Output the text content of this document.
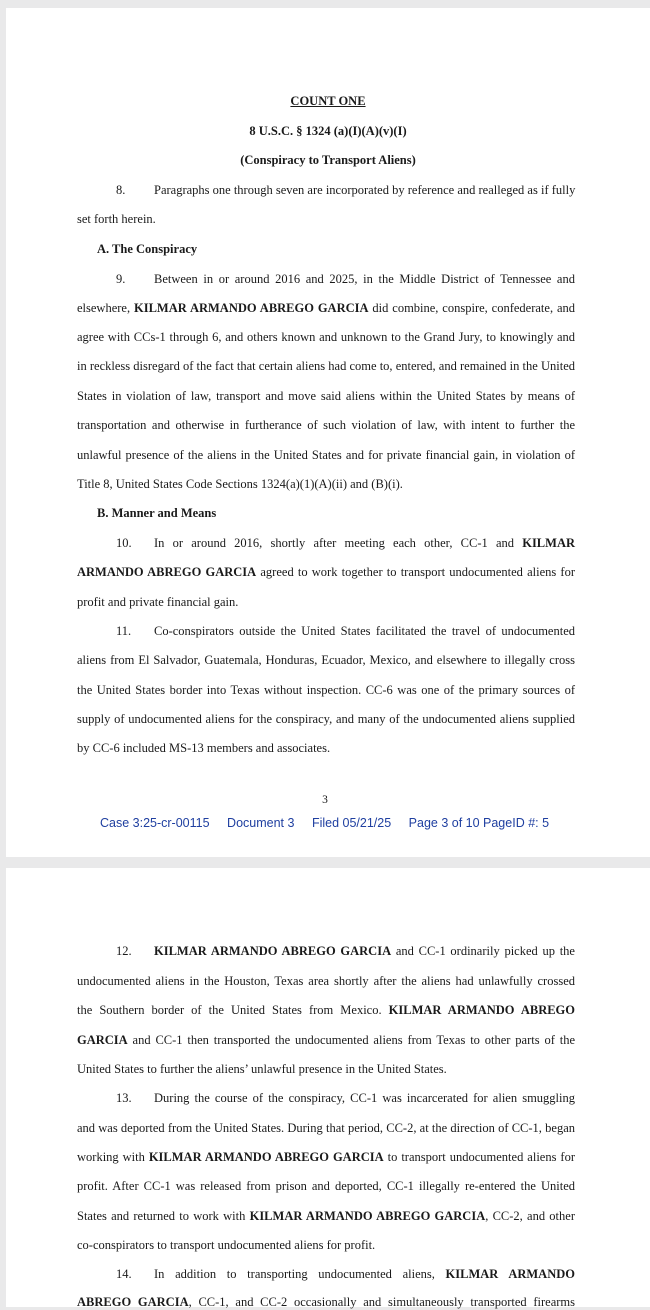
COUNT ONE
8 U.S.C. § 1324 (a)(I)(A)(v)(I)
(Conspiracy to Transport Aliens)
8. Paragraphs one through seven are incorporated by reference and realleged as if fully
set forth herein.
A. The Conspiracy
9. Between in or around 2016 and 2025, in the Middle District of Tennessee and
elsewhere, KILMAR ARMANDO ABREGO GARCIA did combine, conspire, confederate, and
agree with CCs-1 through 6, and others known and unknown to the Grand Jury, to knowingly and
in reckless disregard of the fact that certain aliens had come to, entered, and remained in the United
States in violation of law, transport and move said aliens within the United States by means of
transportation and otherwise in furtherance of such violation of law, with intent to further the
unlawful presence of the aliens in the United States and for private financial gain, in violation of
Title 8, United States Code Sections 1324(a)(1)(A)(ii) and (B)(i).
B. Manner and Means
10. In or around 2016, shortly after meeting each other, CC-1 and KILMAR
ARMANDO ABREGO GARCIA agreed to work together to transport undocumented aliens for
profit and private financial gain.
11. Co-conspirators outside the United States facilitated the travel of undocumented
aliens from El Salvador, Guatemala, Honduras, Ecuador, Mexico, and elsewhere to illegally cross
the United States border into Texas without inspection. CC-6 was one of the primary sources of
supply of undocumented aliens for the conspiracy, and many of the undocumented aliens supplied
by CC-6 included MS-13 members and associates.
3
Case 3:25-cr-00115 Document 3 Filed 05/21/25 Page 3 of 10 PageID #: 5
12. KILMAR ARMANDO ABREGO GARCIA and CC-1 ordinarily picked up the
undocumented aliens in the Houston, Texas area shortly after the aliens had unlawfully crossed
the Southern border of the United States from Mexico. KILMAR ARMANDO ABREGO
GARCIA and CC-1 then transported the undocumented aliens from Texas to other parts of the
United States to further the aliens’ unlawful presence in the United States.
13. During the course of the conspiracy, CC-1 was incarcerated for alien smuggling
and was deported from the United States. During that period, CC-2, at the direction of CC-1, began
working with KILMAR ARMANDO ABREGO GARCIA to transport undocumented aliens for
profit. After CC-1 was released from prison and deported, CC-1 illegally re-entered the United
States and returned to work with KILMAR ARMANDO ABREGO GARCIA, CC-2, and other
co-conspirators to transport undocumented aliens for profit.
14. In addition to transporting undocumented aliens, KILMAR ARMANDO
ABREGO GARCIA, CC-1, and CC-2 occasionally and simultaneously transported firearms
